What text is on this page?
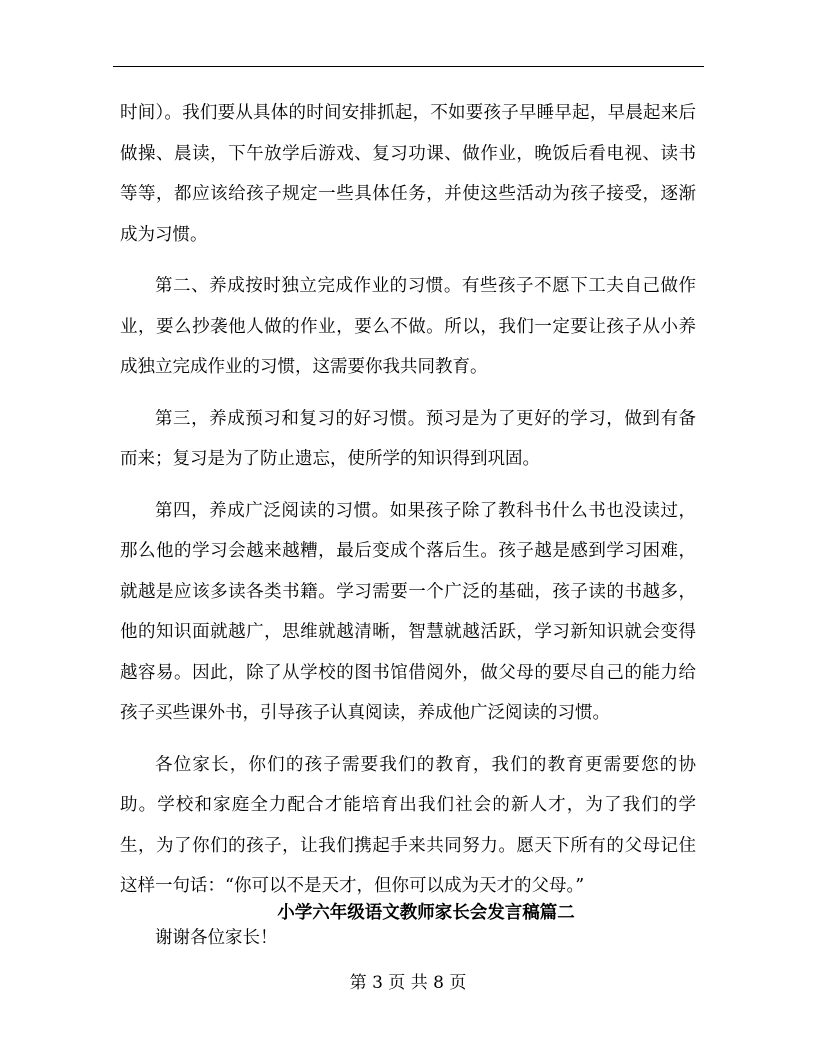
时间）。我们要从具体的时间安排抓起，不如要孩子早睡早起，早晨起来后做操、晨读，下午放学后游戏、复习功课、做作业，晚饭后看电视、读书等等，都应该给孩子规定一些具体任务，并使这些活动为孩子接受，逐渐成为习惯。

第二、养成按时独立完成作业的习惯。有些孩子不愿下工夫自己做作业，要么抄袭他人做的作业，要么不做。所以，我们一定要让孩子从小养成独立完成作业的习惯，这需要你我共同教育。

第三，养成预习和复习的好习惯。预习是为了更好的学习，做到有备而来；复习是为了防止遗忘，使所学的知识得到巩固。

第四，养成广泛阅读的习惯。如果孩子除了教科书什么书也没读过，那么他的学习会越来越糟，最后变成个落后生。孩子越是感到学习困难，就越是应该多读各类书籍。学习需要一个广泛的基础，孩子读的书越多，他的知识面就越广，思维就越清晰，智慧就越活跃，学习新知识就会变得越容易。因此，除了从学校的图书馆借阅外，做父母的要尽自己的能力给孩子买些课外书，引导孩子认真阅读，养成他广泛阅读的习惯。

各位家长，你们的孩子需要我们的教育，我们的教育更需要您的协助。学校和家庭全力配合才能培育出我们社会的新人才，为了我们的学生，为了你们的孩子，让我们携起手来共同努力。愿天下所有的父母记住这样一句话：“你可以不是天才，但你可以成为天才的父母。”

谢谢各位家长！

小学六年级语文教师家长会发言稿篇二
第 3 页 共 8 页
